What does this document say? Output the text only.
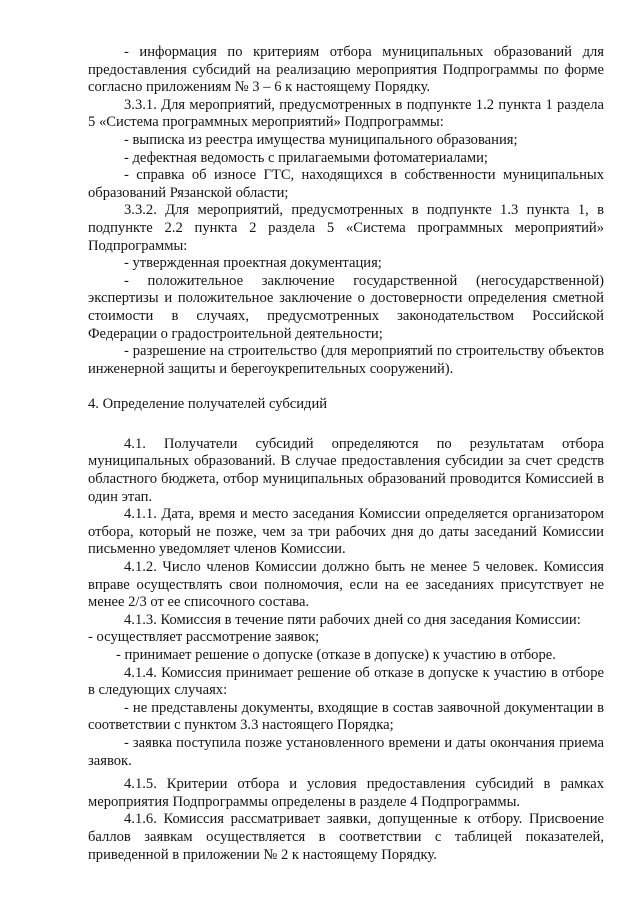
- информация по критериям отбора муниципальных образований для предоставления субсидий на реализацию мероприятия Подпрограммы по форме согласно приложениям № 3 – 6 к настоящему Порядку.

3.3.1. Для мероприятий, предусмотренных в подпункте 1.2 пункта 1 раздела 5 «Система программных мероприятий» Подпрограммы:

- выписка из реестра имущества муниципального образования;

- дефектная ведомость с прилагаемыми фотоматериалами;

- справка об износе ГТС, находящихся в собственности муниципальных образований Рязанской области;

3.3.2. Для мероприятий, предусмотренных в подпункте 1.3 пункта 1, в подпункте 2.2 пункта 2 раздела 5 «Система программных мероприятий» Подпрограммы:

- утвержденная проектная документация;

- положительное заключение государственной (негосударственной) экспертизы и положительное заключение о достоверности определения сметной стоимости в случаях, предусмотренных законодательством Российской Федерации о градостроительной деятельности;

- разрешение на строительство (для мероприятий по строительству объектов инженерной защиты и берегоукрепительных сооружений).

4. Определение получателей субсидий

4.1. Получатели субсидий определяются по результатам отбора муниципальных образований. В случае предоставления субсидии за счет средств областного бюджета, отбор муниципальных образований проводится Комиссией в один этап.

4.1.1. Дата, время и место заседания Комиссии определяется организатором отбора, который не позже, чем за три рабочих дня до даты заседаний Комиссии письменно уведомляет членов Комиссии.

4.1.2. Число членов Комиссии должно быть не менее 5 человек. Комиссия вправе осуществлять свои полномочия, если на ее заседаниях присутствует не менее 2/3 от ее списочного состава.

4.1.3. Комиссия в течение пяти рабочих дней со дня заседания Комиссии:

- осуществляет рассмотрение заявок;

- принимает решение о допуске (отказе в допуске) к участию в отборе.

4.1.4. Комиссия принимает решение об отказе в допуске к участию в отборе в следующих случаях:

- не представлены документы, входящие в состав заявочной документации в соответствии с пунктом 3.3 настоящего Порядка;

- заявка поступила позже установленного времени и даты окончания приема заявок.

4.1.5. Критерии отбора и условия предоставления субсидий в рамках мероприятия Подпрограммы определены в разделе 4 Подпрограммы.

4.1.6. Комиссия рассматривает заявки, допущенные к отбору. Присвоение баллов заявкам осуществляется в соответствии с таблицей показателей, приведенной в приложении № 2 к настоящему Порядку.
